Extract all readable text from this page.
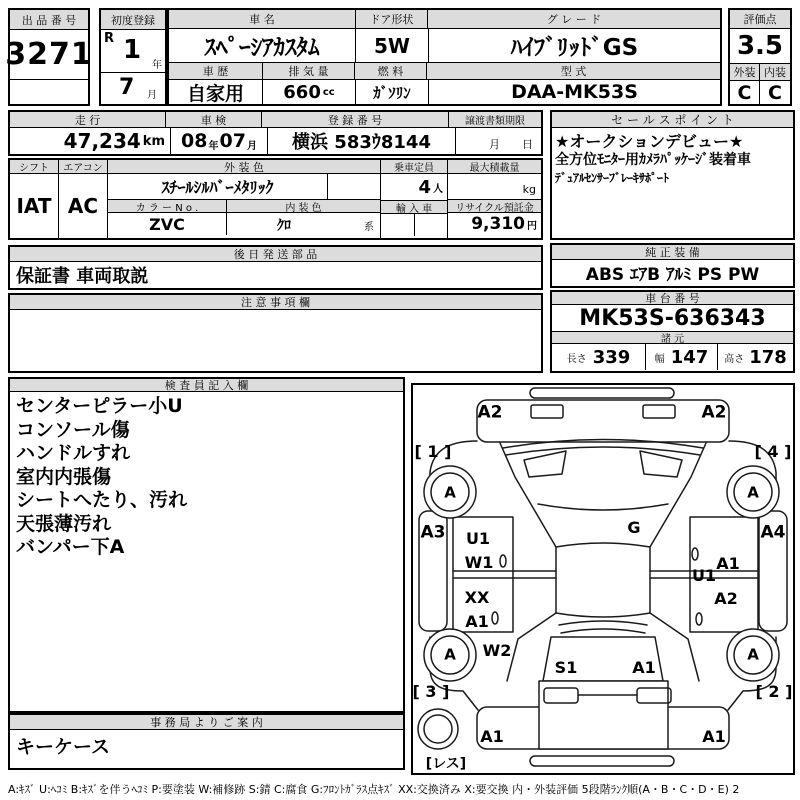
出 品 番 号
3271
初度登録
R 1
年
7 月
車 名	ドア形状	グ レ ー ド
ｽﾍﾟｰｼｱｶｽﾀﾑ	5W	ﾊｲﾌﾞﾘｯﾄﾞGS
車 歴	排 気 量	燃 料	型 式
自家用	660 cc	ｶﾞｿﾘﾝ	DAA-MK53S
評価点
3.5
外装 内装
C C
走 行	車 検	登 録 番 号	譲渡書類期限
47,234 km 08 年 07 月	横浜 583ｳ8144	月　　日
セ ー ル ス ポ イ ン ト
★オークションデビュー★
全方位ﾓﾆﾀｰ用ｶﾒﾗﾊﾟｯｹｰｼﾞ装着車
ﾃﾞｭｱﾙｾﾝｻｰﾌﾞﾚｰｷｻﾎﾟｰﾄ
シフト
IAT
エアコン
AC
外 装 色
ｽﾁｰﾙｼﾙﾊﾞｰﾒﾀﾘｯｸ
カ ラ ー N o .	内 装 色
ZVC	ｸﾛ	系
乗車定員
4 人
輸 入 車
最大積載量
kg
リサイクル預託金
9,310 円
後 日 発 送 部 品
保証書 車両取説
純 正 装 備
ABS ｴｱB ｱﾙﾐ PS PW
注 意 事 項 欄	車 台 番 号
MK53S-636343
諸 元
長さ 339 幅 147 高さ 178
検 査 員 記 入 欄
センターピラー小U
コンソール傷
ハンドルすれ
室内内張傷
シートへたり、汚れ
天張薄汚れ
バンパー下A
事 務 局 よ り ご 案 内
キーケース
A2	A2
[ 1 ]	[ 4 ]
A	A
A3	A4
U1
W1
G
A1
U1
XX	A2
A1
W2
A	A
S1	A1
[ 3 ]	[ 2 ]
A1	A1
[レス]
A:ｷｽﾞ U:ﾍｺﾐ B:ｷｽﾞを伴うﾍｺﾐ P:要塗装 W:補修跡 S:錆 C:腐食 G:ﾌﾛﾝﾄｶﾞﾗｽ点ｷｽﾞ XX:交換済み X:要交換 内・外装評価 5段階ﾗﾝｸ順(A・B・C・D・E) 2
